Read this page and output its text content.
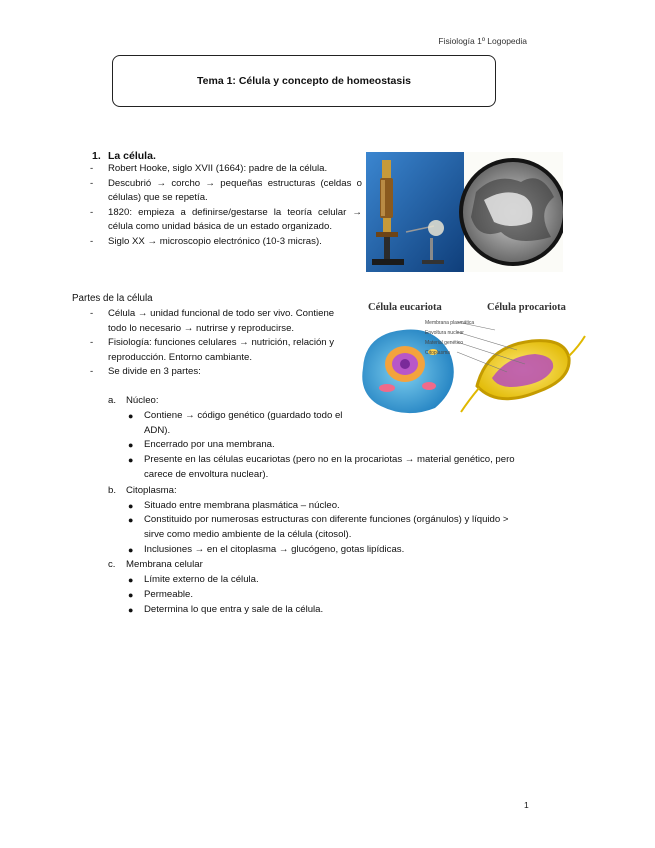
Fisiología 1º Logopedia
Tema 1: Célula y concepto de homeostasis
1. La célula.
- Robert Hooke, siglo XVII (1664): padre de la célula.
- Descubrió → corcho → pequeñas estructuras (celdas o células) que se repetía.
- 1820: empieza a definirse/gestarse la teoría celular → célula como unidad básica de un estado organizado.
- Siglo XX → microscopio electrónico (10-3 micras).
Partes de la célula
- Célula → unidad funcional de todo ser vivo. Contiene todo lo necesario → nutrirse y reproducirse.
- Fisiología: funciones celulares → nutrición, relación y reproducción. Entorno cambiante.
- Se divide en 3 partes:
a. Núcleo:
● Contiene → código genético (guardado todo el ADN).
● Encerrado por una membrana.
● Presente en las células eucariotas (pero no en la procariotas → material genético, pero carece de envoltura nuclear).
b. Citoplasma:
● Situado entre membrana plasmática – núcleo.
● Constituido por numerosas estructuras con diferente funciones (orgánulos) y líquido > sirve como medio ambiente de la célula (citosol).
● Inclusiones → en el citoplasma → glucógeno, gotas lipídicas.
c. Membrana celular
● Límite externo de la célula.
● Permeable.
● Determina lo que entra y sale de la célula.
Célula eucariota	Célula procariota
Membrana plasmática
Envoltura nuclear
Material genético
Citoplasma
1
